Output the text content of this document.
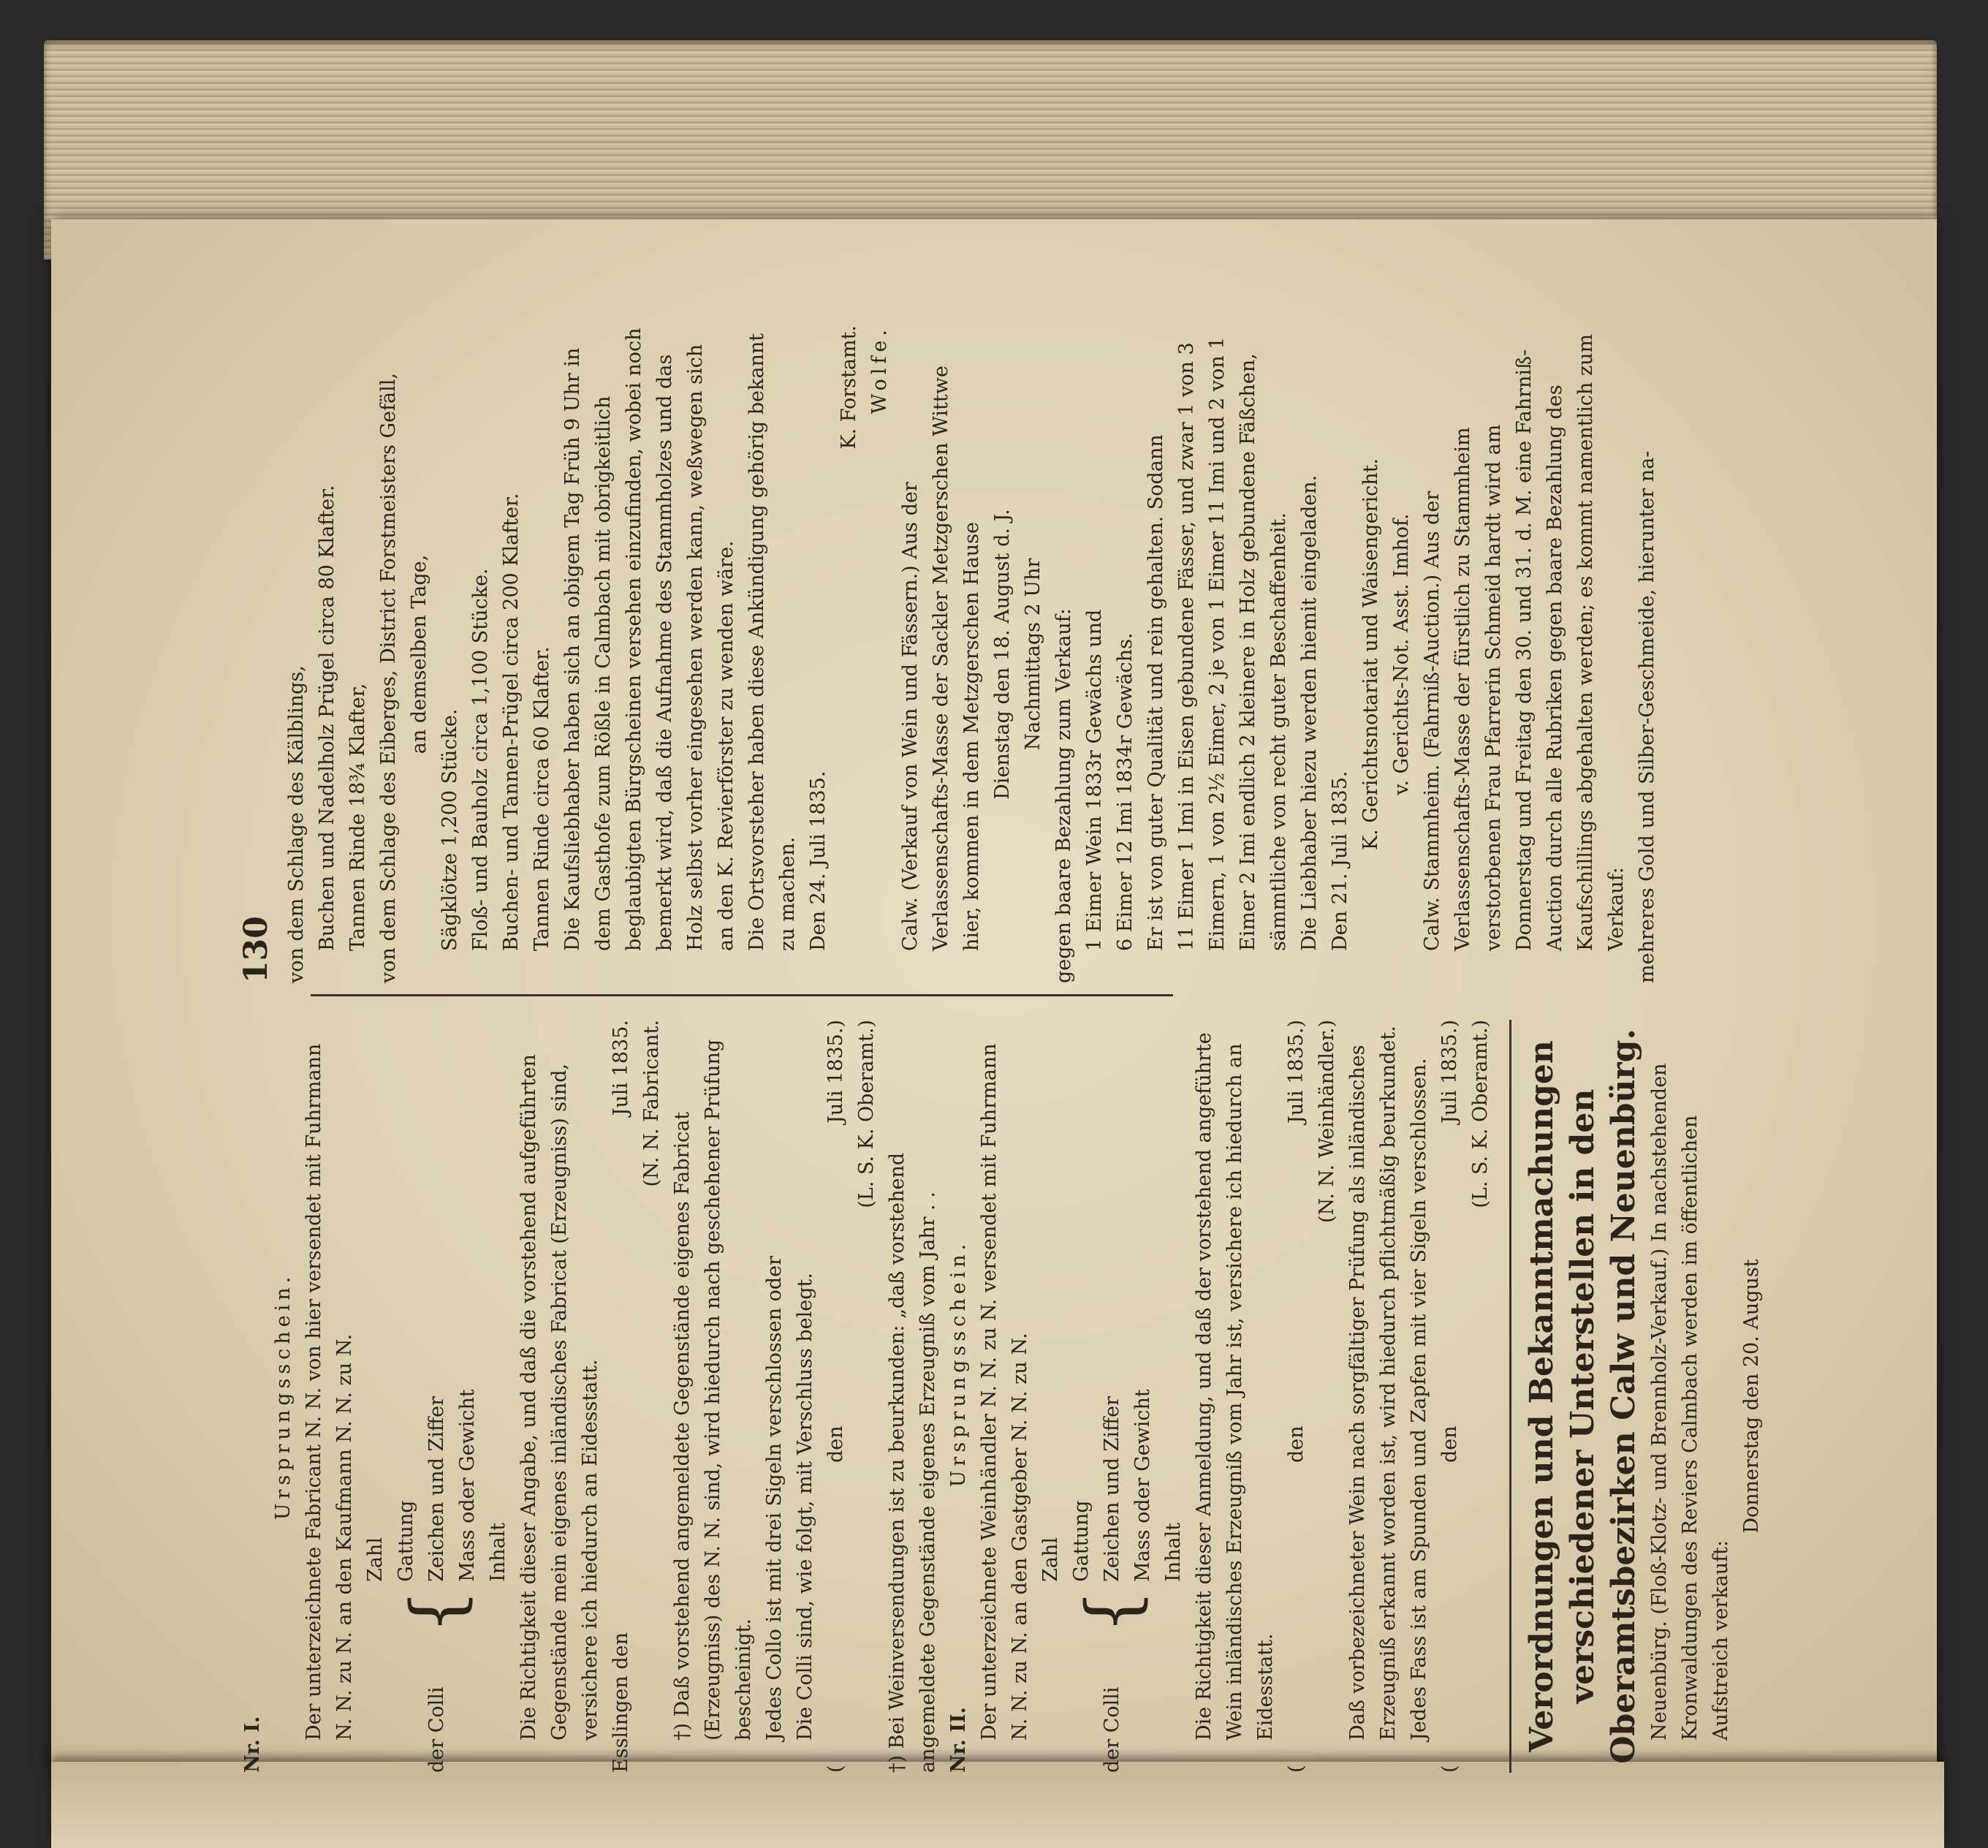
Nr. I.

Ursprungsschein. Der unterzeichnete Fabricant N. N. von hier versendet mit Fuhrmann N. N. zu N. an den Kaufmann N. N. zu N.	der Colli
{
Zahl Gattung Zeichen und Ziffer Mass oder Gewicht Inhalt Die Richtigkeit dieser Angabe, und daß die vorstehend aufgeführten Gegenstände mein eigenes inländisches Fabricat (Erzeugniss) sind, versichere ich hiedurch an Eidesstatt. Esslingen den
Juli 1835. (N. N. Fabricant.

†) Daß vorstehend angemeldete Gegenstände eigenes Fabricat (Erzeugniss) des N. N. sind, wird hiedurch nach geschehener Prüfung bescheinigt. Jedes Collo ist mit drei Sigeln verschlossen oder Die Colli sind, wie folgt, mit Verschluss belegt.

(
den
Juli 1835.) (L. S. K. Oberamt.)

†) Bei Weinversendungen ist zu beurkunden: „daß vorstehend angemeldete Gegenstände eigenes Erzeugniß vom Jahr . . Nr. II.
Ursprungsschein. Der unterzeichnete Weinhändler N. N. zu N. versendet mit Fuhrmann N. N. zu N. an den Gastgeber N. N. zu N.	der Colli
{
Zahl Gattung Zeichen und Ziffer Mass oder Gewicht Inhalt Die Richtigkeit dieser Anmeldung, und daß der vorstehend angeführte Wein inländisches Erzeugniß vom Jahr ist, versichere ich hiedurch an Eidesstatt.

(
den
Juli 1835.) (N. N. Weinhändler.) Daß vorbezeichneter Wein nach sorgfältiger Prüfung als inländisches Erzeugniß erkannt worden ist, wird hiedurch pflichtmäßig beurkundet. Jedes Fass ist am Spunden und Zapfen mit vier Sigeln verschlossen.

(
den
Juli 1835.) (L. S. K. Oberamt.) Verordnungen und Bekanntmachungen verschiedener Unterstellen in den Oberamtsbezirken Calw und Neuenbürg. Neuenbürg. (Floß-Klotz- und Brennholz-Verkauf.) In nachstehenden Kronwaldungen des Reviers Calmbach werden im öffentlichen Aufstreich verkauft:

Donnerstag den 20. August

130 von dem Schlage des Kälblings, Buchen und Nadelholz Prügel circa 80 Klafter. Tannen Rinde 18¾ Klafter, von dem Schlage des Eiberges, District Forstmeisters Gefäll, an demselben Tage,

Sägklötze 1,200 Stücke. Floß- und Bauholz circa 1,100 Stücke. Buchen- und Tannen-Prügel circa 200 Klafter. Tannen Rinde circa 60 Klafter. Die Kaufsliebhaber haben sich an obigem Tag Früh 9 Uhr in dem Gasthofe zum Rößle in Calmbach mit obrigkeitlich beglaubigten Bürgscheinen versehen einzufinden, wobei noch bemerkt wird, daß die Aufnahme des Stammholzes und das Holz selbst vorher eingesehen werden kann, weßwegen sich an den K. Revierförster zu wenden wäre. Die Ortsvorsteher haben diese Ankündigung gehörig bekannt zu machen. Den 24. Juli 1835.

K. Forstamt. Wolfe.

Calw. (Verkauf von Wein und Fässern.) Aus der Verlassenschafts-Masse der Sackler Metzgerschen Wittwe hier, kommen in dem Metzgerschen Hause Dienstag den 18. August d. J. Nachmittags 2 Uhr gegen baare Bezahlung zum Verkauf: 1 Eimer Wein 1833r Gewächs und 6 Eimer 12 Imi 1834r Gewächs. Er ist von guter Qualität und rein gehalten. Sodann 11 Eimer 1 Imi in Eisen gebundene Fässer, und zwar 1 von 3 Eimern, 1 von 2½ Eimer, 2 je von 1 Eimer 11 Imi und 2 von 1 Eimer 2 Imi endlich 2 kleinere in Holz gebundene Fäßchen, sämmtliche von recht guter Beschaffenheit. Die Liebhaber hiezu werden hiemit eingeladen. Den 21. Juli 1835.

K. Gerichtsnotariat und Waisengericht. v. Gerichts-Not. Asst. Imhof. Calw. Stammheim. (Fahrniß-Auction.) Aus der Verlassenschafts-Masse der fürstlich zu Stammheim verstorbenen Frau Pfarrerin Schmeid hardt wird am Donnerstag und Freitag den 30. und 31. d. M. eine Fahrniß-Auction durch alle Rubriken gegen baare Bezahlung des Kaufschillings abgehalten werden; es kommt namentlich zum Verkauf: mehreres Gold und Silber-Geschmeide, hierunter na-
